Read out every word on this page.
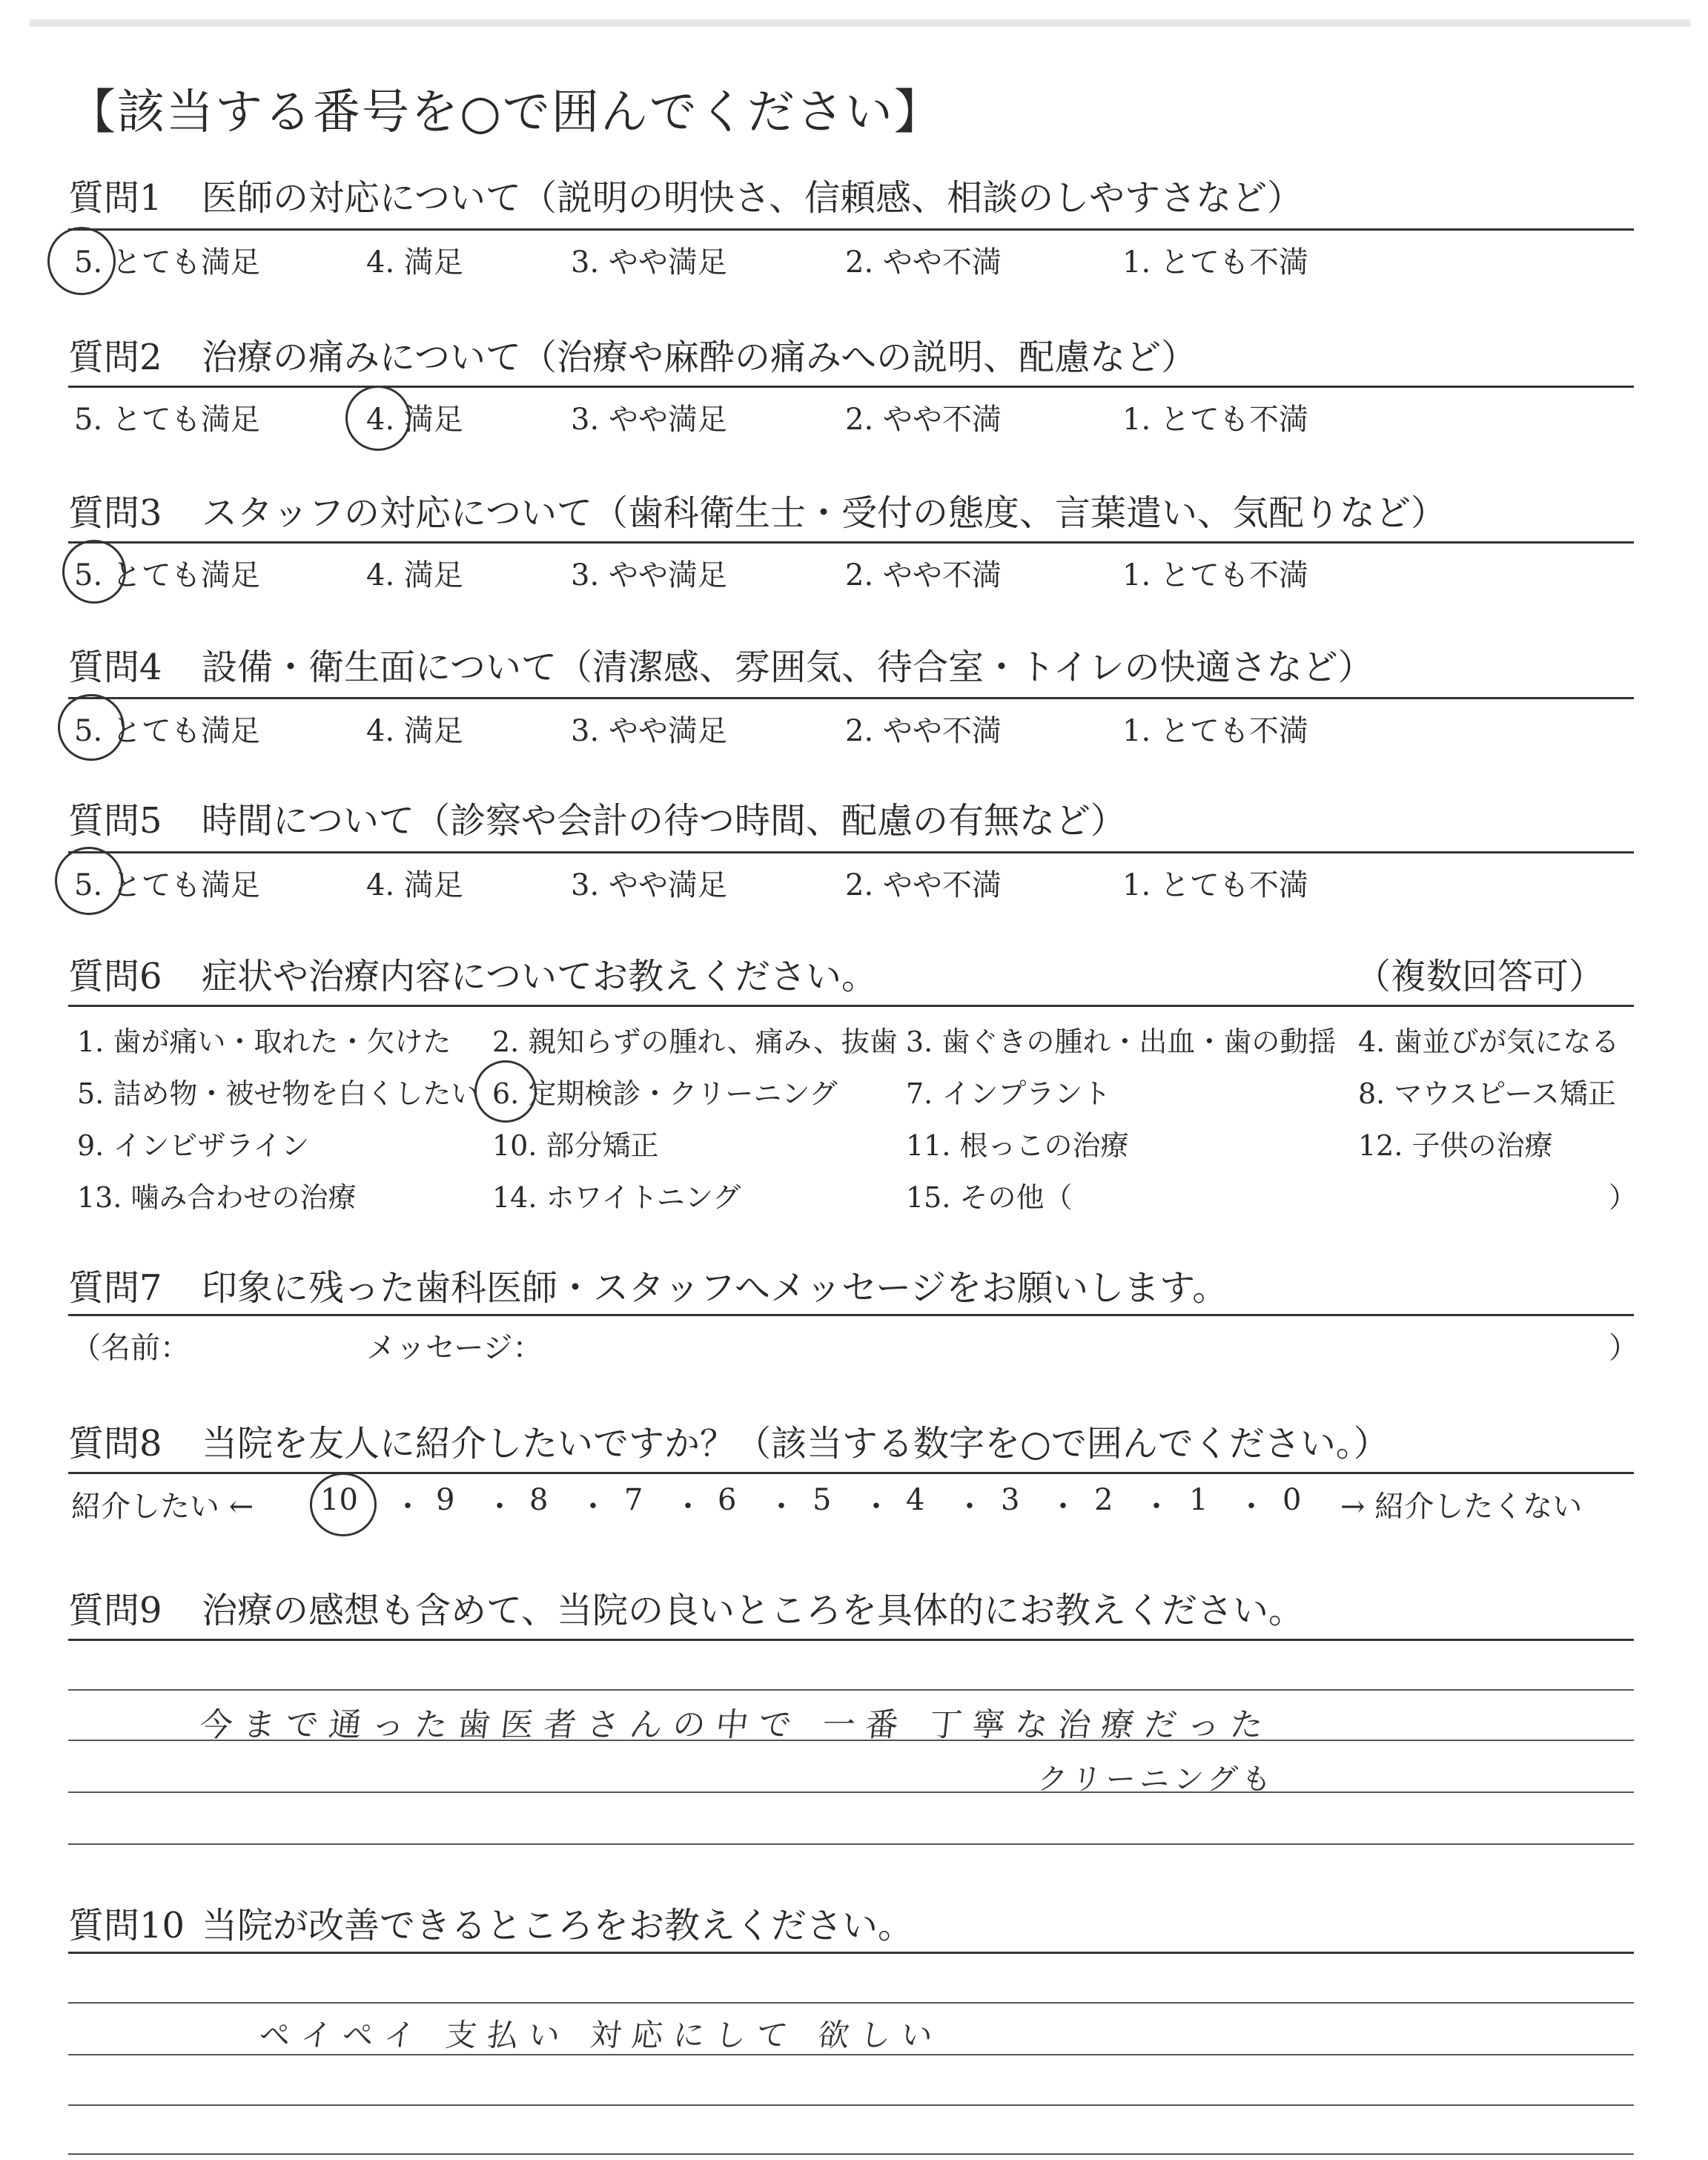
【該当する番号を○で囲んでください】
質問1 医師の対応について（説明の明快さ、信頼感、相談のしやすさなど）
5. とても満足	4. 満足	3. やや満足	2. やや不満	1. とても不満
質問2 治療の痛みについて（治療や麻酔の痛みへの説明、配慮など）
5. とても満足	4. 満足	3. やや満足	2. やや不満	1. とても不満
質問3 スタッフの対応について（歯科衛生士・受付の態度、言葉遣い、気配りなど）
5. とても満足	4. 満足	3. やや満足	2. やや不満	1. とても不満
質問4 設備・衛生面について（清潔感、雰囲気、待合室・トイレの快適さなど）
5. とても満足	4. 満足	3. やや満足	2. やや不満	1. とても不満
質問5 時間について（診察や会計の待つ時間、配慮の有無など）
5. とても満足	4. 満足	3. やや満足	2. やや不満	1. とても不満
質問6 症状や治療内容についてお教えください。	（複数回答可）
1. 歯が痛い・取れた・欠けた 2. 親知らずの腫れ、痛み、抜歯 3. 歯ぐきの腫れ・出血・歯の動揺 4. 歯並びが気になる
5. 詰め物・被せ物を白くしたい 6. 定期検診・クリーニング 7. インプラント	8. マウスピース矯正
9. インビザライン	10. 部分矯正	11. 根っこの治療	12. 子供の治療
13. 噛み合わせの治療	14. ホワイトニング	15. その他（	）
質問7 印象に残った歯科医師・スタッフへメッセージをお願いします。
（名前：	メッセージ：	）
質問8 当院を友人に紹介したいですか？（該当する数字を○で囲んでください。）
紹介したい ← 10 ・ 9 ・ 8 ・ 7 ・ 6 ・ 5 ・ 4 ・ 3 ・ 2 ・ 1 ・ 0 → 紹介したくない
質問9 治療の感想も含めて、当院の良いところを具体的にお教えください。
今まで通った歯医者さんの中で 一番 丁寧な治療だった
クリーニングも
質問10 当院が改善できるところをお教えください。
ペイペイ 支払い 対応にして 欲しい
